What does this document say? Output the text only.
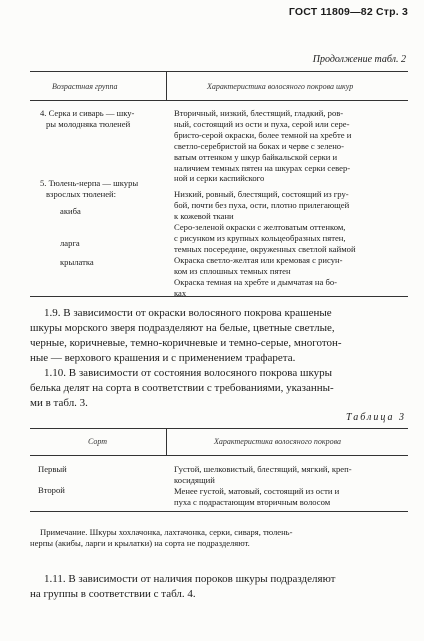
ГОСТ 11809—82 Стр. 3
Продолжение табл. 2
Возрастная группа	Характеристика волосяного покрова шкур
4. Серка и сиварь — шку-
ры молодняка тюленей

5. Тюлень-нерпа — шкуры
взрослых тюленей:
акиба
ларга
крылатка
Вторичный, низкий, блестящий, гладкий, ров-
ный, состоящий из ости и пуха, серой или сере-
бристо-серой окраски, более темной на хребте и
светло-серебристой на боках и черве с зелено-
ватым оттенком у шкур байкальской серки и
наличием темных пятен на шкурах серки север-
ной и серки каспийского
Низкий, ровный, блестящий, состоящий из гру-
бой, почти без пуха, ости, плотно прилегающей
к кожевой ткани
Серо-зеленой окраски с желтоватым оттенком,
с рисунком из крупных кольцеобразных пятен,
темных посередине, окруженных светлой каймой
Окраска светло-желтая или кремовая с рисун-
ком из сплошных темных пятен
Окраска темная на хребте и дымчатая на бо-
ках
1.9. В зависимости от окраски волосяного покрова крашеные
шкуры морского зверя подразделяют на белые, цветные светлые,
черные, коричневые, темно-коричневые и темно-серые, многотон-
ные — верхового крашения и с применением трафарета.
1.10. В зависимости от состояния волосяного покрова шкуры
белька делят на сорта в соответствии с требованиями, указанны-
ми в табл. 3.
Таблица 3
Сорт	Характеристика волосяного покрова
Первый
Второй
Густой, шелковистый, блестящий, мягкий, креп-
косидящий
Менее густой, матовый, состоящий из ости и
пуха с подрастающим вторичным волосом
Примечание. Шкуры хохлачонка, лахтачонка, серки, сиваря, тюлень-
нерпы (акибы, ларги и крылатки) на сорта не подразделяют.
1.11. В зависимости от наличия пороков шкуры подразделяют
на группы в соответствии с табл. 4.
